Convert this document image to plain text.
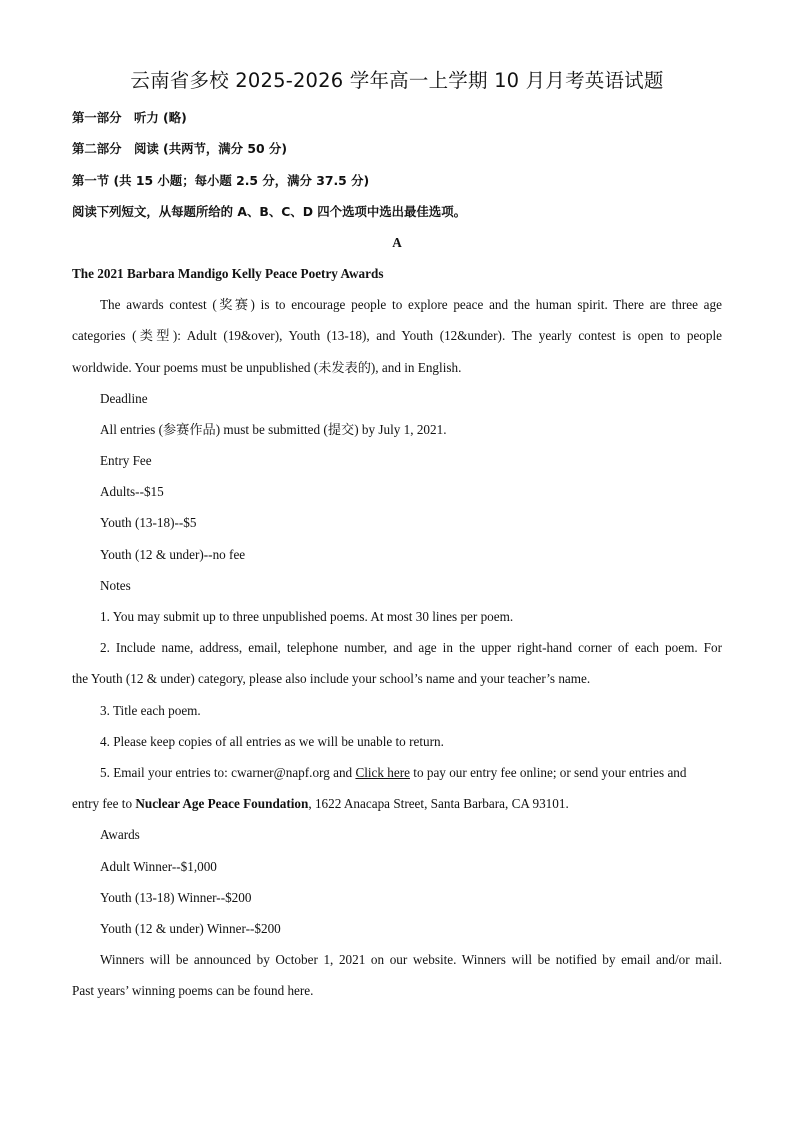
云南省多校 2025-2026 学年高一上学期 10 月月考英语试题
第一部分　听力 (略)
第二部分　阅读 (共两节，满分 50 分)
第一节 (共 15 小题；每小题 2.5 分，满分 37.5 分)
阅读下列短文，从每题所给的 A、B、C、D 四个选项中选出最佳选项。
A
The 2021 Barbara Mandigo Kelly Peace Poetry Awards
The awards contest (奖赛) is to encourage people to explore peace and the human spirit. There are three age
categories (类型): Adult (19&over), Youth (13-18), and Youth (12&under). The yearly contest is open to people
worldwide. Your poems must be unpublished (未发表的), and in English.
Deadline
All entries (参赛作品) must be submitted (提交) by July 1, 2021.
Entry Fee
Adults--$15
Youth (13-18)--$5
Youth (12 & under)--no fee
Notes
1. You may submit up to three unpublished poems. At most 30 lines per poem.
2. Include name, address, email, telephone number, and age in the upper right-hand corner of each poem. For
the Youth (12 & under) category, please also include your school’s name and your teacher’s name.
3. Title each poem.
4. Please keep copies of all entries as we will be unable to return.
5. Email your entries to: cwarner@napf.org and Click here to pay our entry fee online; or send your entries and
entry fee to Nuclear Age Peace Foundation, 1622 Anacapa Street, Santa Barbara, CA 93101.
Awards
Adult Winner--$1,000
Youth (13-18) Winner--$200
Youth (12 & under) Winner--$200
Winners will be announced by October 1, 2021 on our website. Winners will be notified by email and/or mail.
Past years’ winning poems can be found here.
